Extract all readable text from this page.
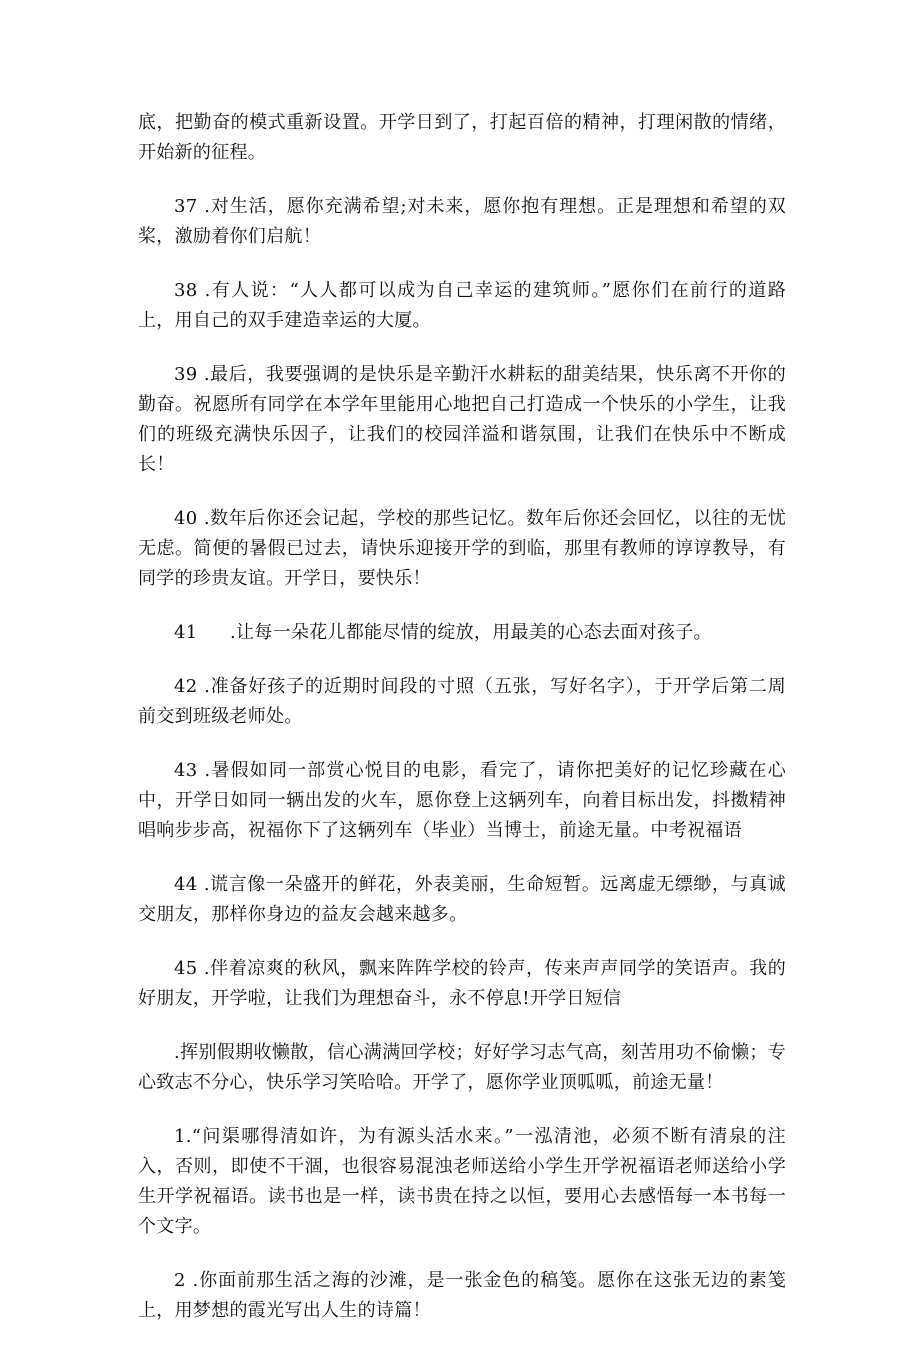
底，把勤奋的模式重新设置。开学日到了，打起百倍的精神，打理闲散的情绪，开始新的征程。

37 .对生活，愿你充满希望;对未来，愿你抱有理想。正是理想和希望的双桨，激励着你们启航！

38 .有人说：“人人都可以成为自己幸运的建筑师。”愿你们在前行的道路上，用自己的双手建造幸运的大厦。

39 .最后，我要强调的是快乐是辛勤汗水耕耘的甜美结果，快乐离不开你的勤奋。祝愿所有同学在本学年里能用心地把自己打造成一个快乐的小学生，让我们的班级充满快乐因子，让我们的校园洋溢和谐氛围，让我们在快乐中不断成长！

40 .数年后你还会记起，学校的那些记忆。数年后你还会回忆，以往的无忧无虑。简便的暑假已过去，请快乐迎接开学的到临，那里有教师的谆谆教导，有同学的珍贵友谊。开学日，要快乐！

41 .让每一朵花儿都能尽情的绽放，用最美的心态去面对孩子。

42 .准备好孩子的近期时间段的寸照（五张，写好名字），于开学后第二周前交到班级老师处。

43 .暑假如同一部赏心悦目的电影，看完了，请你把美好的记忆珍藏在心中，开学日如同一辆出发的火车，愿你登上这辆列车，向着目标出发，抖擞精神唱响步步高，祝福你下了这辆列车（毕业）当博士，前途无量。中考祝福语

44 .谎言像一朵盛开的鲜花，外表美丽，生命短暂。远离虚无缥缈，与真诚交朋友，那样你身边的益友会越来越多。

45 .伴着凉爽的秋风，飘来阵阵学校的铃声，传来声声同学的笑语声。我的好朋友，开学啦，让我们为理想奋斗，永不停息!开学日短信

.挥别假期收懒散，信心满满回学校；好好学习志气高，刻苦用功不偷懒；专心致志不分心，快乐学习笑哈哈。开学了，愿你学业顶呱呱，前途无量！

1.“问渠哪得清如许，为有源头活水来。”一泓清池，必须不断有清泉的注入，否则，即使不干涸，也很容易混浊老师送给小学生开学祝福语老师送给小学生开学祝福语。读书也是一样，读书贵在持之以恒，要用心去感悟每一本书每一个文字。

2 .你面前那生活之海的沙滩，是一张金色的稿笺。愿你在这张无边的素笺上，用梦想的霞光写出人生的诗篇！
